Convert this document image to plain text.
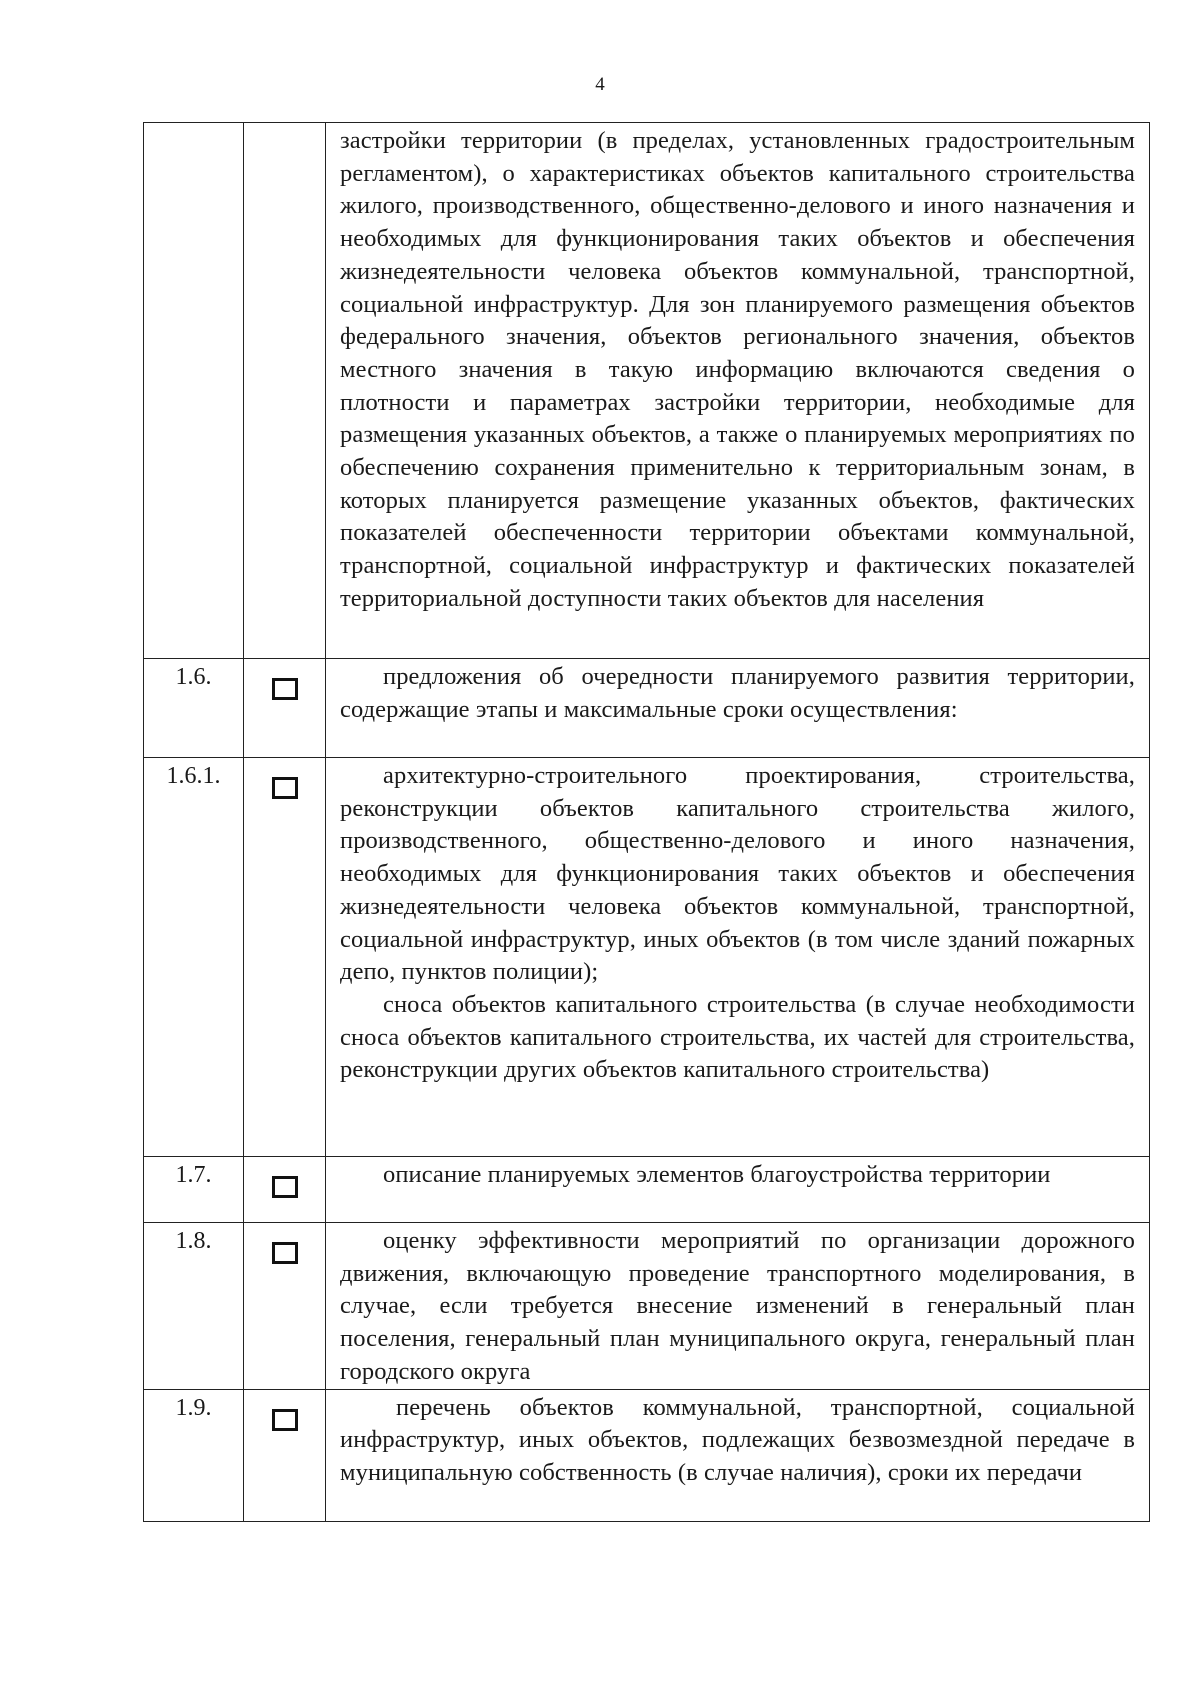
4

		застройки территории (в пределах, установленных градостроительным регламентом), о характеристиках объектов капитального строительства жилого, производственного, общественно-делового и иного назначения и необходимых для функционирования таких объектов и обеспечения жизнедеятельности человека объектов коммунальной, транспортной, социальной инфраструктур. Для зон планируемого размещения объектов федерального значения, объектов регионального значения, объектов местного значения в такую информацию включаются сведения о плотности и параметрах застройки территории, необходимые для размещения указанных объектов, а также о планируемых мероприятиях по обеспечению сохранения применительно к территориальным зонам, в которых планируется размещение указанных объектов, фактических показателей обеспеченности территории объектами коммунальной, транспортной, социальной инфраструктур и фактических показателей территориальной доступности таких объектов для населения

1.6.		предложения об очередности планируемого развития территории, содержащие этапы и максимальные сроки осуществления:

1.6.1.		архитектурно-строительного проектирования, строительства, реконструкции объектов капитального строительства жилого, производственного, общественно-делового и иного назначения, необходимых для функционирования таких объектов и обеспечения жизнедеятельности человека объектов коммунальной, транспортной, социальной инфраструктур, иных объектов (в том числе зданий пожарных депо, пунктов полиции);

сноса объектов капитального строительства (в случае необходимости сноса объектов капитального строительства, их частей для строительства, реконструкции других объектов капитального строительства)

1.7.		описание планируемых элементов благоустройства территории

1.8.		оценку эффективности мероприятий по организации дорожного движения, включающую проведение транспортного моделирования, в случае, если требуется внесение изменений в генеральный план поселения, генеральный план муниципального округа, генеральный план городского округа

1.9.		перечень объектов коммунальной, транспортной, социальной инфраструктур, иных объектов, подлежащих безвозмездной передаче в муниципальную собственность (в случае наличия), сроки их передачи
